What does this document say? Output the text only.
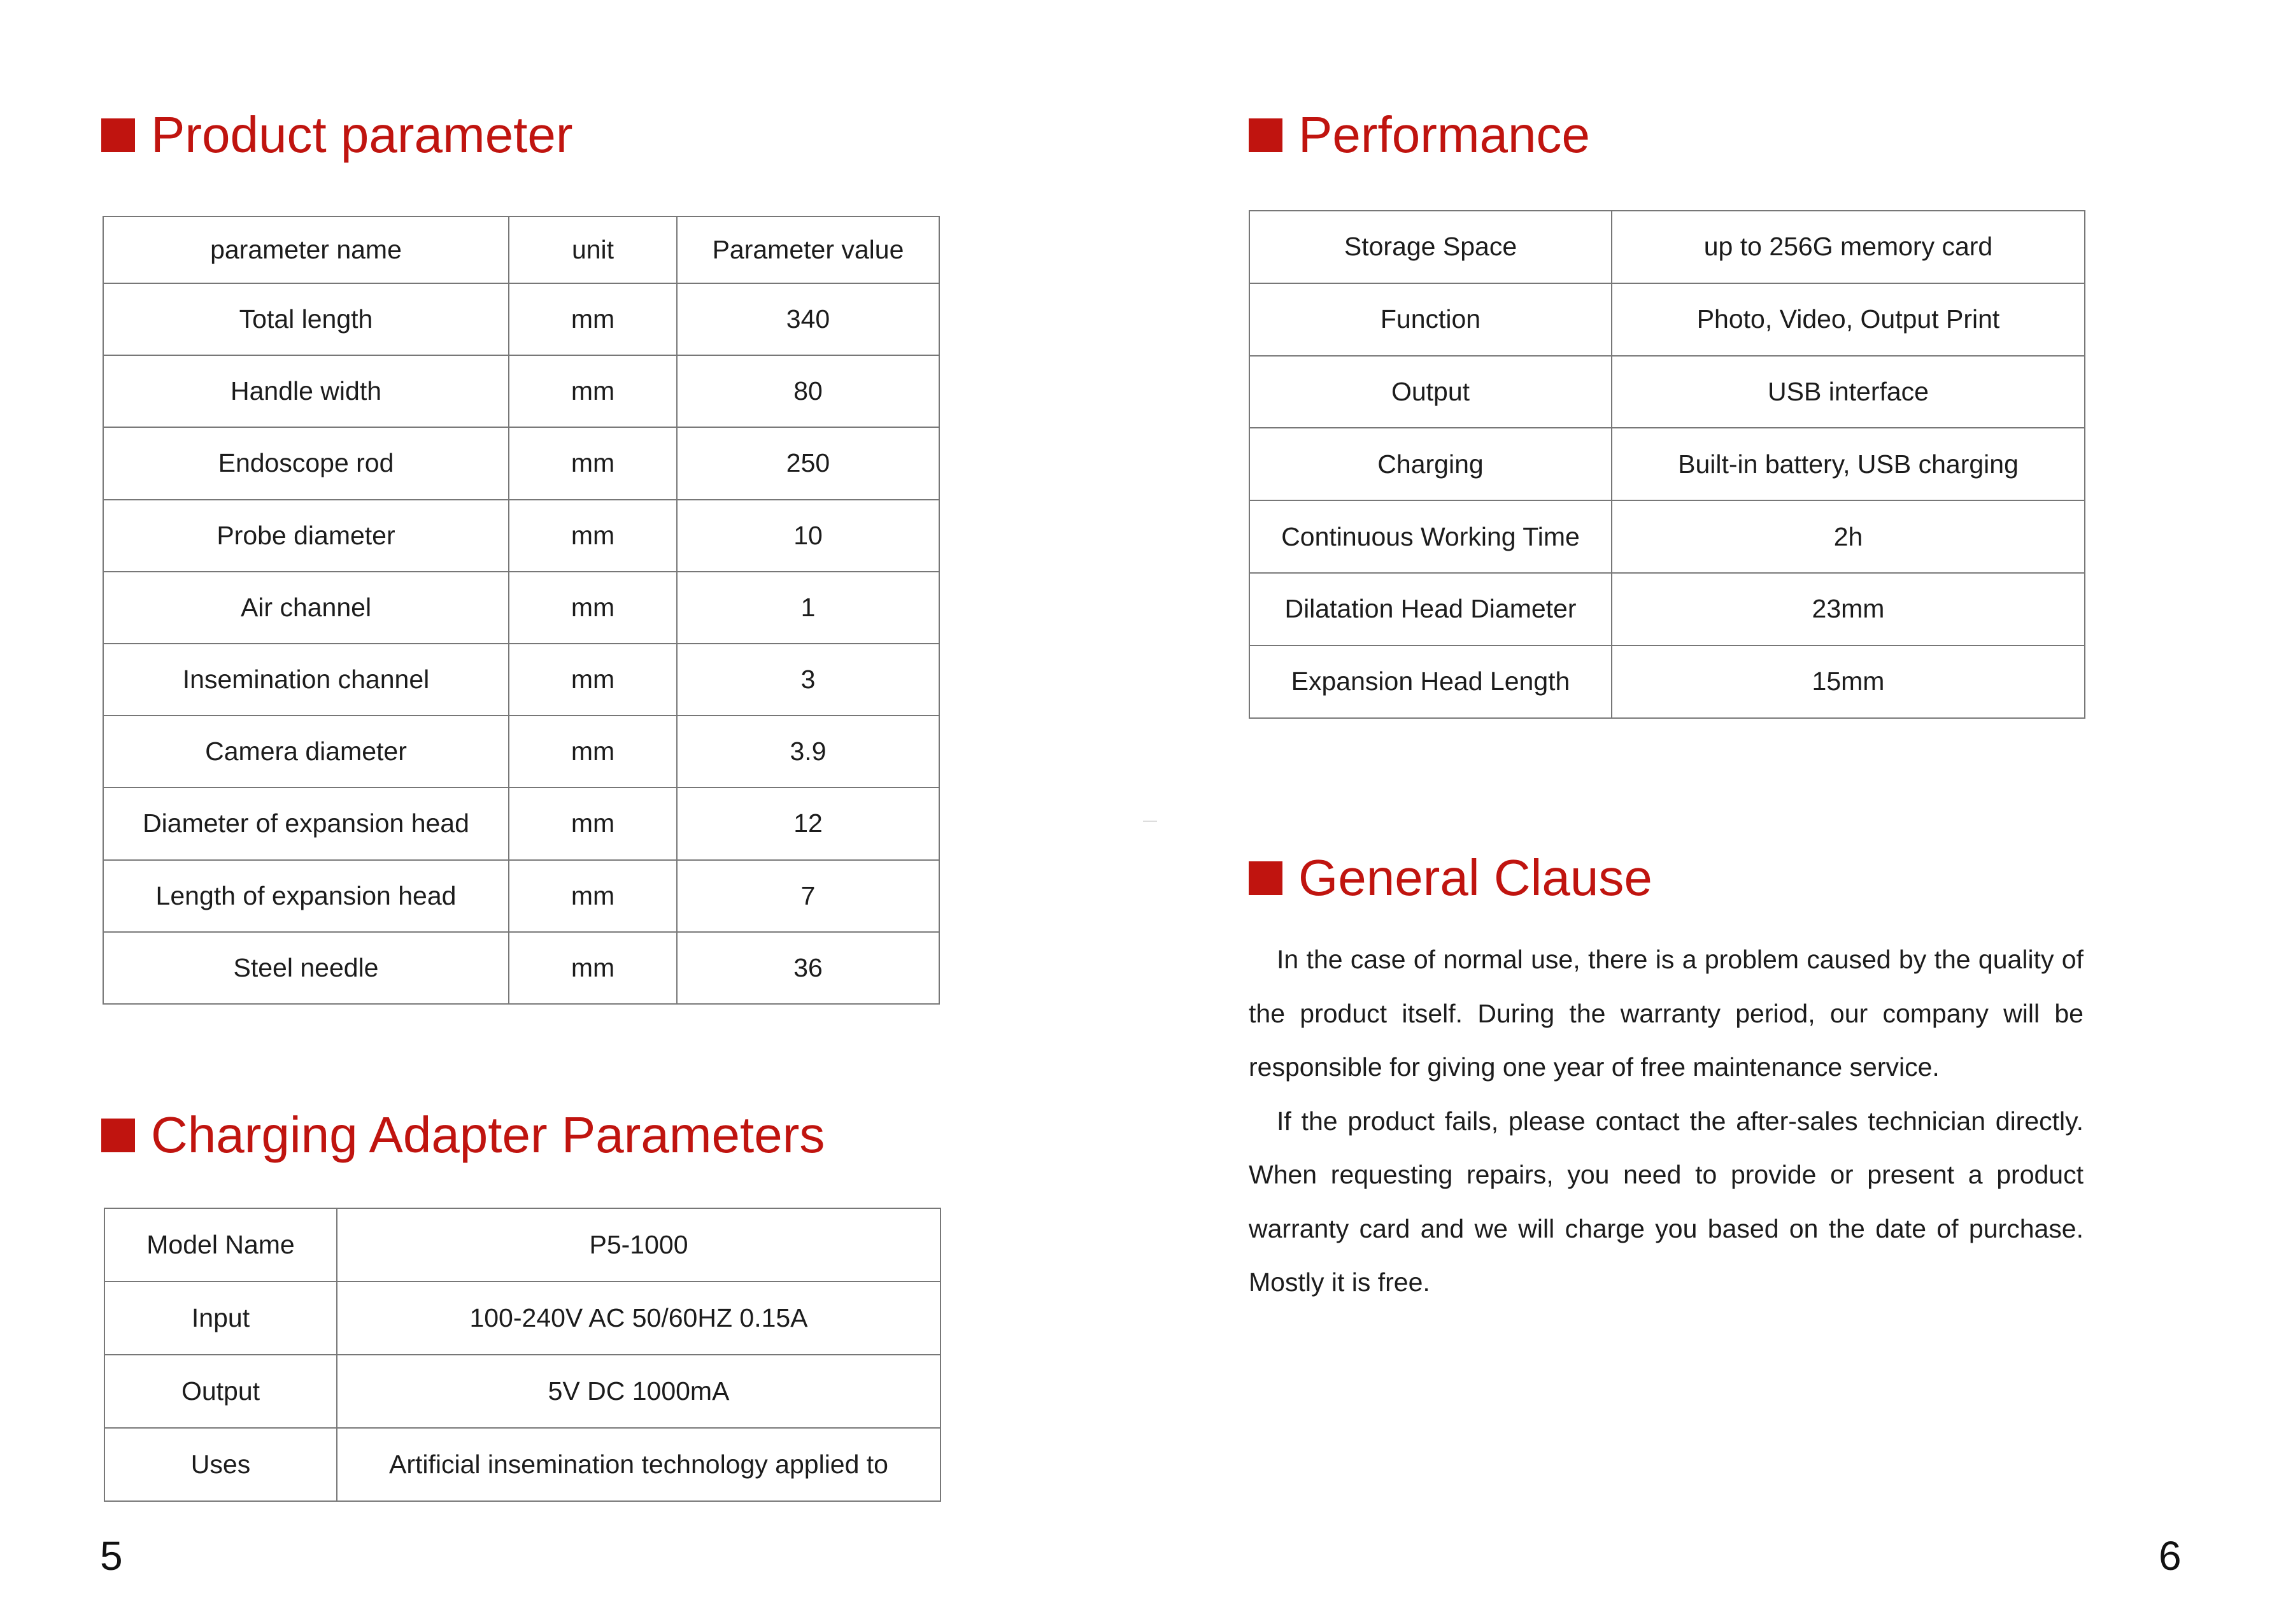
Product parameter
parameter name	unit	Parameter value
Total length	mm	340
Handle width	mm	80
Endoscope rod	mm	250
Probe diameter	mm	10
Air channel	mm	1
Insemination channel	mm	3
Camera diameter	mm	3.9
Diameter of expansion head	mm	12
Length of expansion head	mm	7
Steel needle	mm	36
Charging Adapter Parameters
Model Name	P5-1000
Input	100-240V AC 50/60HZ 0.15A
Output	5V DC 1000mA
Uses	Artificial insemination technology applied to
5
Performance
Storage Space	up to 256G memory card
Function	Photo, Video, Output Print
Output	USB interface
Charging	Built-in battery, USB charging
Continuous Working Time	2h
Dilatation Head Diameter	23mm
Expansion Head Length	15mm
General Clause

In the case of normal use, there is a problem caused by the quality of the product itself. During the warranty period, our company will be responsible for giving one year of free maintenance service.

If the product fails, please contact the after-sales technician directly. When requesting repairs, you need to provide or present a product warranty card and we will charge you based on the date of purchase. Mostly it is free.

6
